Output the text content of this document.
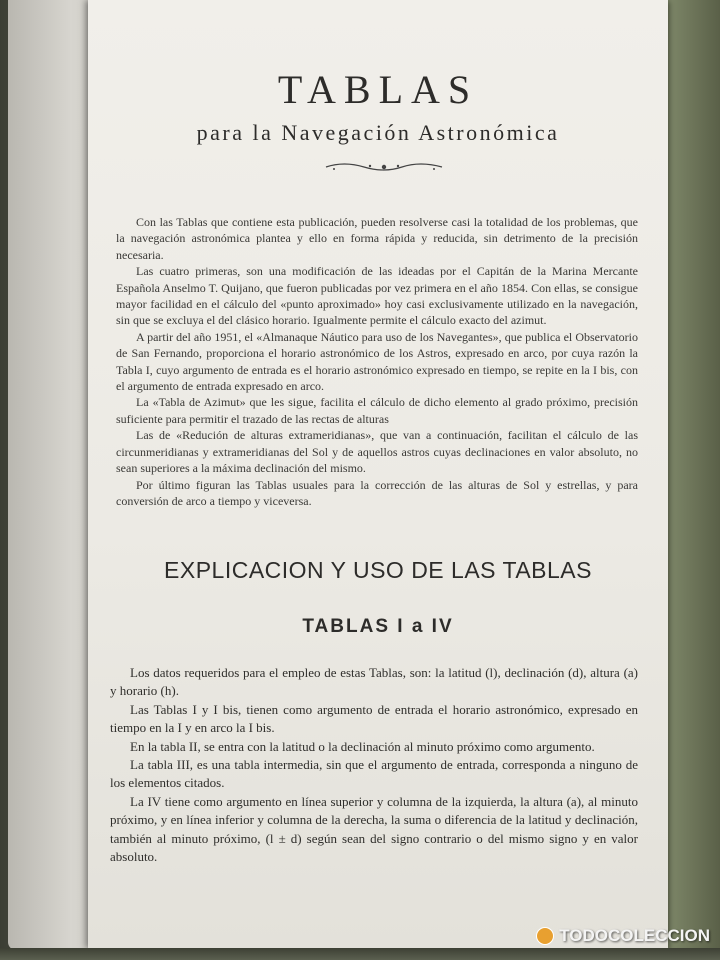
TABLAS
para la Navegación Astronómica

Con las Tablas que contiene esta publicación, pueden resolverse casi la totalidad de los problemas, que la navegación astronómica plantea y ello en forma rápida y reducida, sin detrimento de la precisión necesaria.

Las cuatro primeras, son una modificación de las ideadas por el Capitán de la Marina Mercante Española Anselmo T. Quijano, que fueron publicadas por vez primera en el año 1854. Con ellas, se consigue mayor facilidad en el cálculo del «punto aproximado» hoy casi exclusivamente utilizado en la navegación, sin que se excluya el del clásico horario. Igualmente permite el cálculo exacto del azimut.

A partir del año 1951, el «Almanaque Náutico para uso de los Navegantes», que publica el Observatorio de San Fernando, proporciona el horario astronómico de los Astros, expresado en arco, por cuya razón la Tabla I, cuyo argumento de entrada es el horario astronómico expresado en tiempo, se repite en la I bis, con el argumento de entrada expresado en arco.

La «Tabla de Azimut» que les sigue, facilita el cálculo de dicho elemento al grado próximo, precisión suficiente para permitir el trazado de las rectas de alturas

Las de «Redución de alturas extrameridianas», que van a continuación, facilitan el cálculo de las circunmeridianas y extrameridianas del Sol y de aquellos astros cuyas declinaciones en valor absoluto, no sean superiores a la máxima declinación del mismo.

Por último figuran las Tablas usuales para la corrección de las alturas de Sol y estrellas, y para conversión de arco a tiempo y viceversa.

EXPLICACION Y USO DE LAS TABLAS
TABLAS I a IV

Los datos requeridos para el empleo de estas Tablas, son: la latitud (l), declinación (d), altura (a) y horario (h).

Las Tablas I y I bis, tienen como argumento de entrada el horario astronómico, expresado en tiempo en la I y en arco la I bis.

En la tabla II, se entra con la latitud o la declinación al minuto próximo como argumento.

La tabla III, es una tabla intermedia, sin que el argumento de entrada, corresponda a ninguno de los elementos citados.

La IV tiene como argumento en línea superior y columna de la izquierda, la altura (a), al minuto próximo, y en línea inferior y columna de la derecha, la suma o diferencia de la latitud y declinación, también al minuto próximo, (l ± d) según sean del signo contrario o del mismo signo y en valor absoluto.

TODOCOLECCION
